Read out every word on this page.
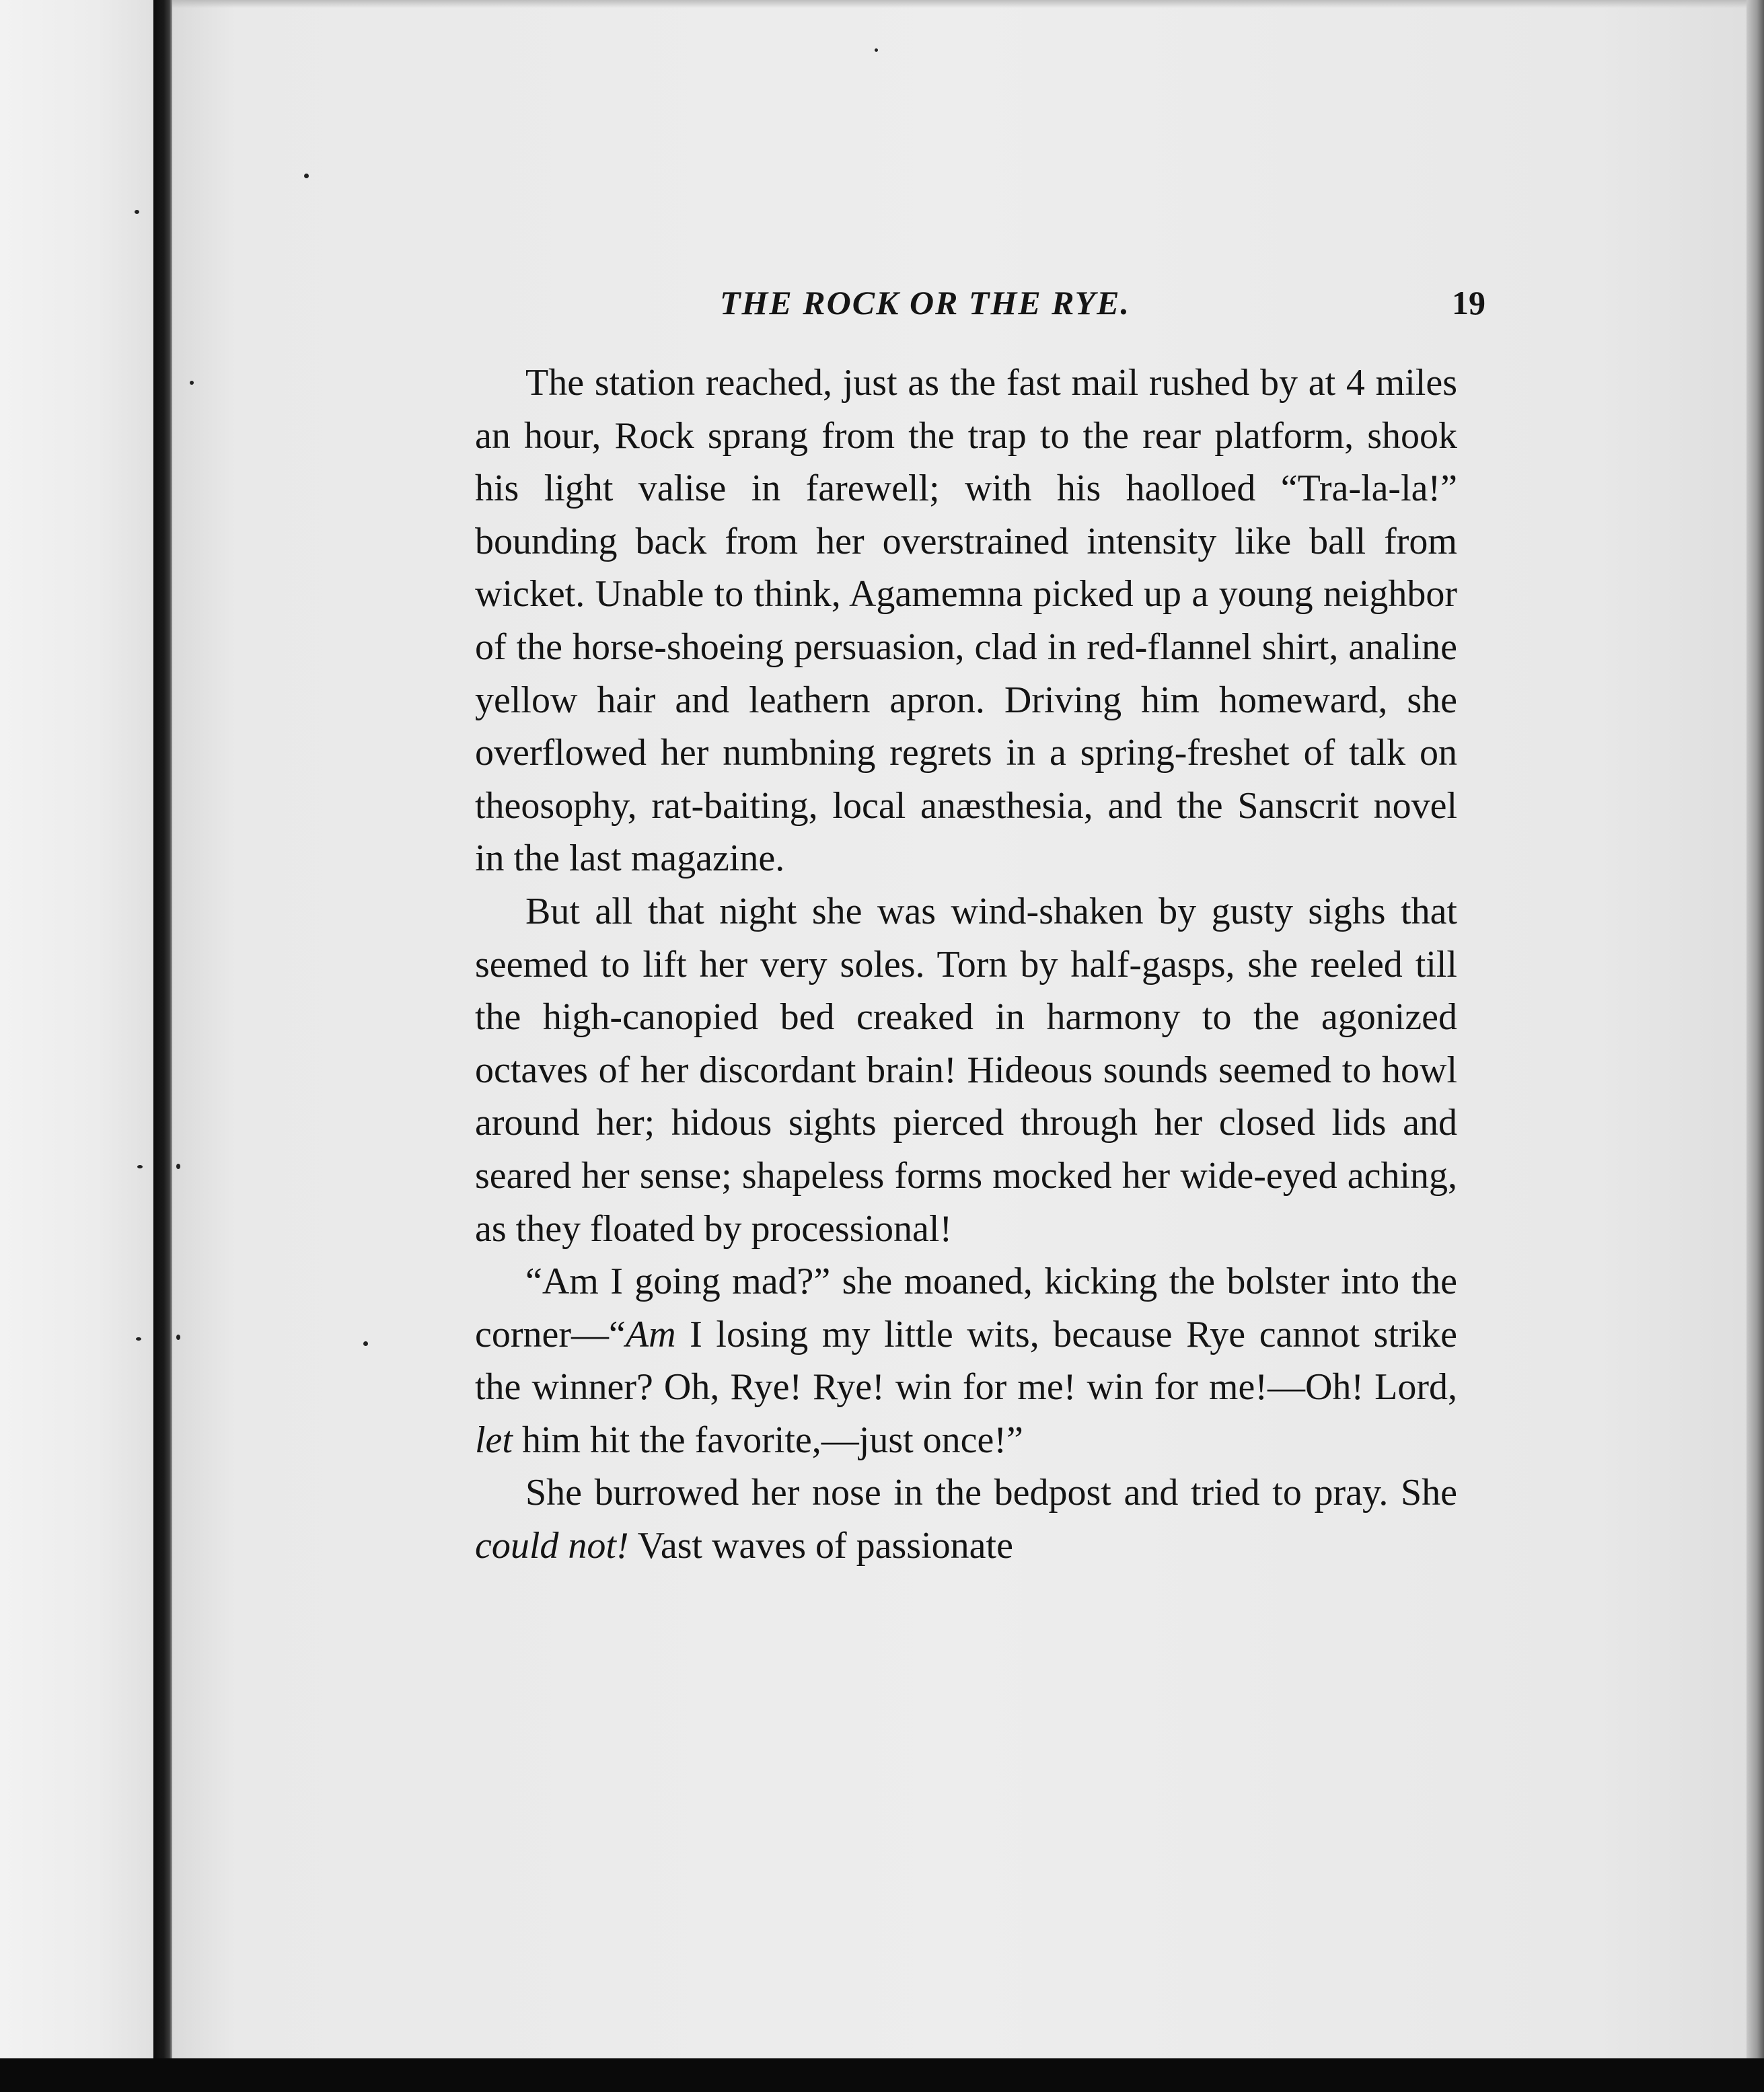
THE ROCK OR THE RYE.	19

The station reached, just as the fast mail rushed by at 4 miles an hour, Rock sprang from the trap to the rear platform, shook his light valise in farewell; with his haolloed “Tra-la-la!” bounding back from her overstrained intensity like ball from wicket. Unable to think, Agamemna picked up a young neighbor of the horse-shoeing persuasion, clad in red-flannel shirt, analine yellow hair and leathern apron. Driving him homeward, she overflowed her numbning regrets in a spring-freshet of talk on theosophy, rat-baiting, local anæsthesia, and the Sanscrit novel in the last magazine.

But all that night she was wind-shaken by gusty sighs that seemed to lift her very soles. Torn by half-gasps, she reeled till the high-canopied bed creaked in harmony to the agonized octaves of her discordant brain! Hideous sounds seemed to howl around her; hidous sights pierced through her closed lids and seared her sense; shapeless forms mocked her wide-eyed aching, as they floated by processional!

“Am I going mad?” she moaned, kicking the bolster into the corner—“Am I losing my little wits, because Rye cannot strike the winner? Oh, Rye! Rye! win for me! win for me!—Oh! Lord, let him hit the favorite,—just once!”

She burrowed her nose in the bedpost and tried to pray. She could not! Vast waves of passionate
